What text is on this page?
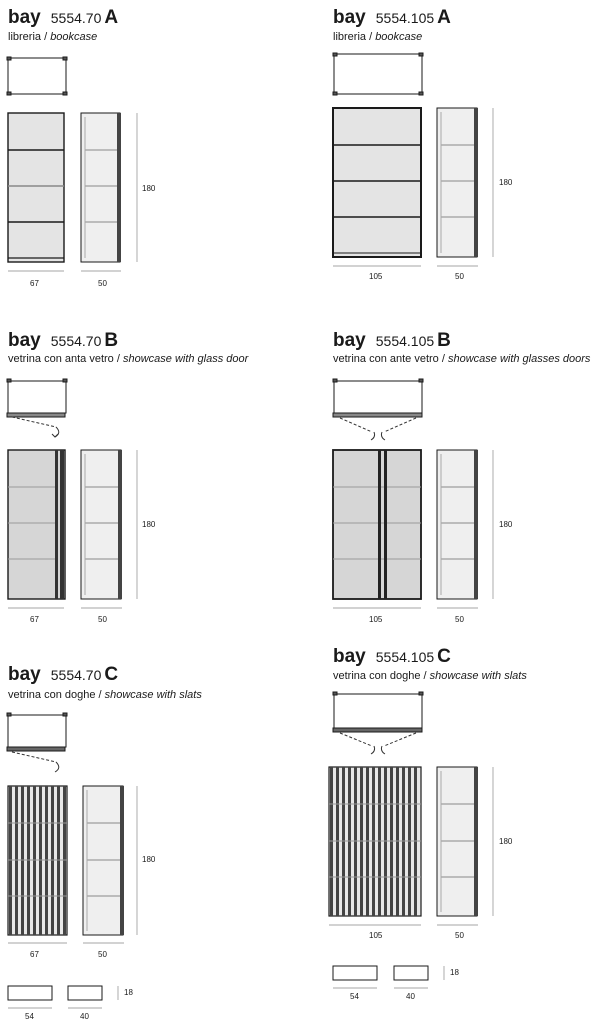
bay 5554.70 A
libreria / bookcase
bay 5554.105 A
libreria / bookcase
bay 5554.70 B
vetrina con anta vetro / showcase with glass door
bay 5554.105 B
vetrina con ante vetro / showcase with glasses doors
bay 5554.70 C
vetrina con doghe / showcase with slats
bay 5554.105 C
vetrina con doghe / showcase with slats
67	50
180
105	50
180
67	50
180
105	50
180
67	50
180
105	50
180
54	40
18	54	40
18
